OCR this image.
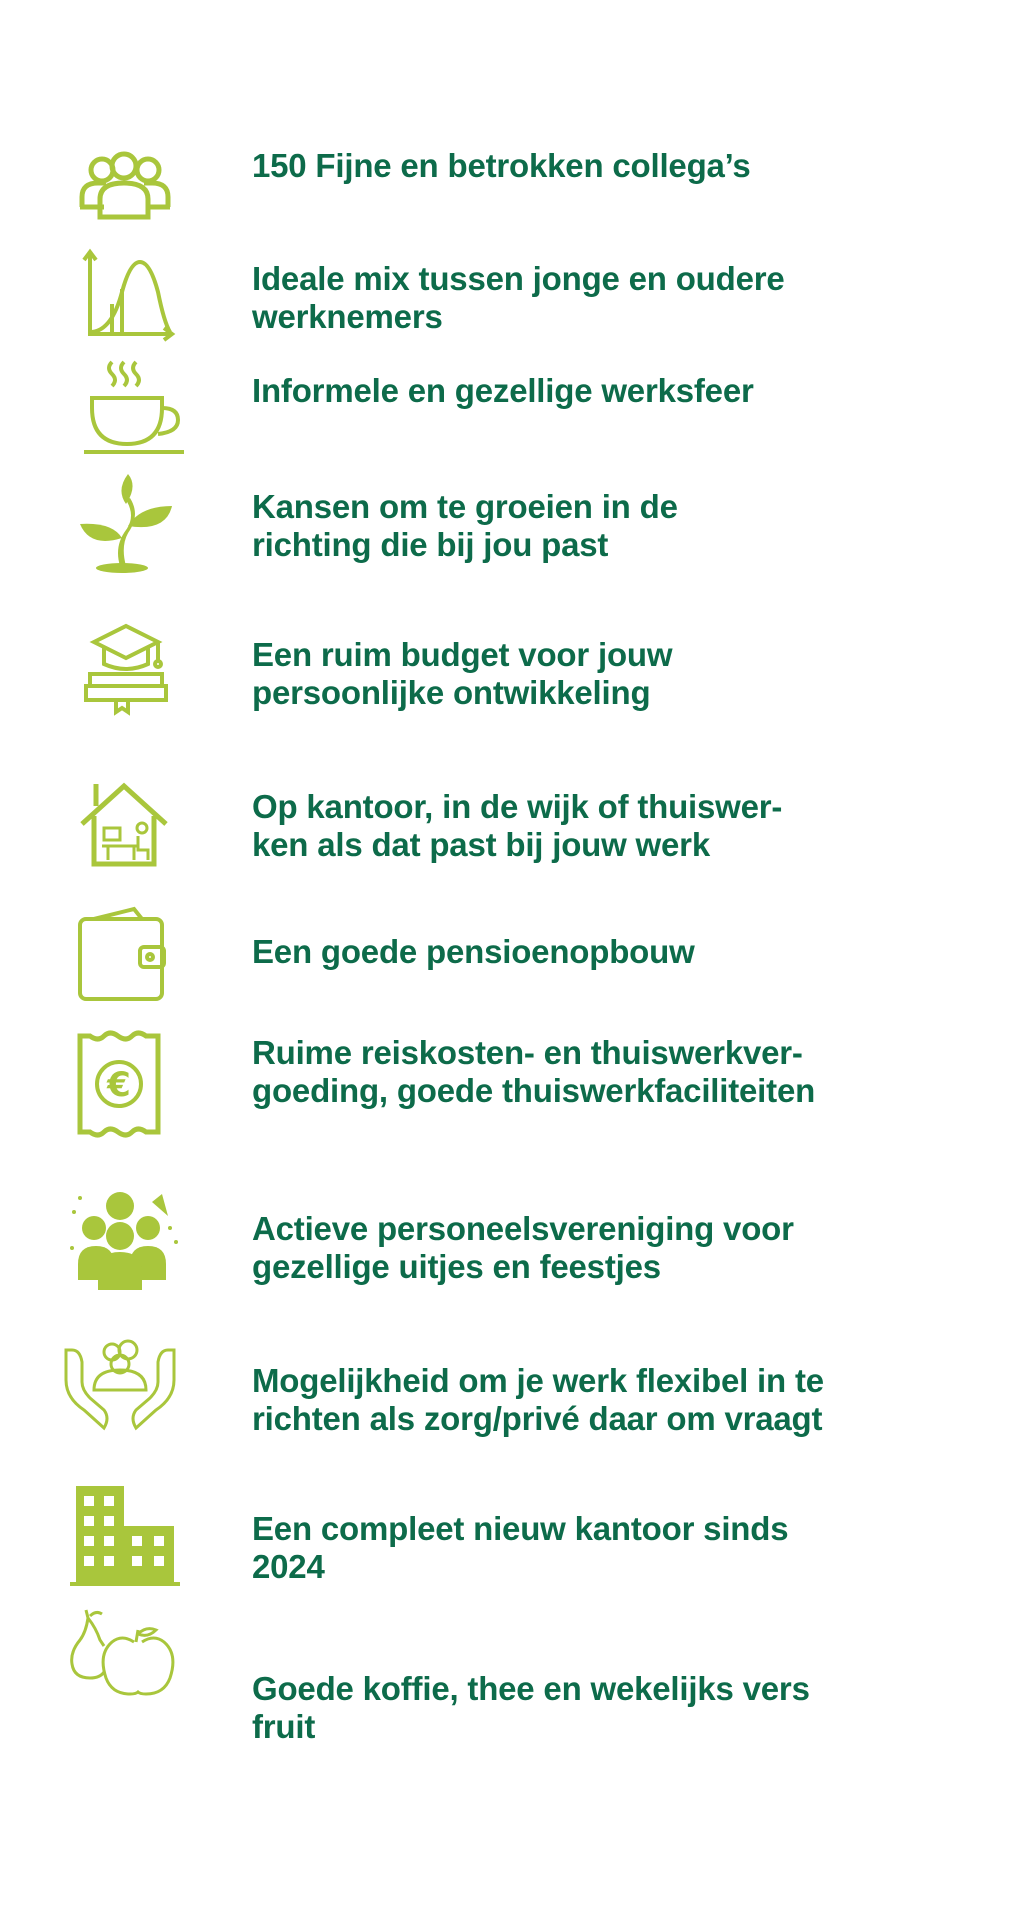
150 Fijne en betrokken collega’s
Ideale mix tussen jonge en oudere
werknemers
Informele en gezellige werksfeer
Kansen om te groeien in de
richting die bij jou past
Een ruim budget voor jouw
persoonlijke ontwikkeling
Op kantoor, in de wijk of thuiswer-
ken als dat past bij jouw werk
Een goede pensioenopbouw
€
Ruime reiskosten- en thuiswerkver-
goeding, goede thuiswerkfaciliteiten
Actieve personeelsvereniging voor
gezellige uitjes en feestjes
Mogelijkheid om je werk flexibel in te
richten als zorg/privé daar om vraagt
Een compleet nieuw kantoor sinds
2024
Goede koffie, thee en wekelijks vers
fruit
